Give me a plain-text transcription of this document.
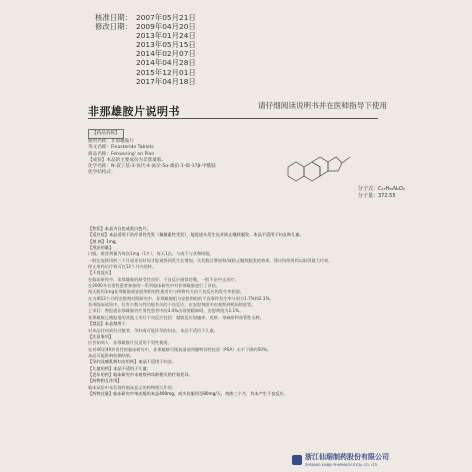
核准日期： 2007年05月21日
修改日期： 2009年04月20日
2013年01月24日
2013年05月15日
2014年02月07日
2014年04月28日
2015年12月01日
2017年04月18日
非那雄胺片说明书	请仔细阅读说明书并在医师指导下使用
【药品名称】
通用名称：非那雄胺片
英文名称：Finasteride Tablets
商品名称：Fehworing' an Pian
【成份】本品的主要成份为非那雄胺。
化学名称：N-叔丁基-3-氧代-4-氮杂-5α-雄甾-1-烯-17β-甲酰胺
化学结构式：
分子式：C₂₃H₃₆N₂O₂
分子量：372.55

【性状】本品为白色或类白色片。

【适应症】本品适用于治疗男性秃发（雄激素性秃发），能促进头发生长并防止继续脱发。本品不适用于妇女和儿童。

【规 格】1mg。

【用法用量】

口服。推荐剂量为每次1mg（1片），每天1次，与或不与食物同服。

一般在连续用药三个月或更长时间才能观察到发生长增加，头发数目增加和/或防止继续脱发的效果。建议持续用药以取得最大疗效，

停止用药后疗效可在12个月内逆转。

【不良反应】

在临床研究中，非那雄胺的耐受性良好，不良反应通常轻微，一般不必中止治疗。

在2000多名男性患者参加的一系列临床研究中对非那雄胺进行了评估。

每天服用1mg非那雄胺或安慰剂的男性患者中与药物有关的不良反应的发生率相似。

在为期12个月的安慰剂对照研究中，非那雄胺组与安慰剂组的不良事件发生率分别为1.7%和2.1%。

各项临床试验中，仅有少数与性功能有关的不良反应，在安慰剂组中也观察到相同的症状。

上市后：曾报道非那雄胺治疗男性患者中的3.4%出现射精障碍，安慰剂组为2.1%。

非那雄胺已被报道的其他上市后不良反应包括：超敏反应如瘙痒、皮疹、荨麻疹和血管性水肿。

【禁忌】本品禁用于：

对本品任何成份过敏者。孕妇或可能怀孕的妇女。本品不适用于儿童。

【注意事项】

应告知病人：非那雄胺片仅适用于男性使用。

在对40至49岁男性的临床研究中，非那雄胺可使血清前列腺特异性抗原（PSA）水平下降约50%。

本品可能影响检测结果。

【孕妇及哺乳期妇女用药】本品不适用于妇女。

【儿童用药】本品不适用于儿童。

【老年用药】临床研究中未观察到年龄相关的疗效差异。

【药物相互作用】

临床试验中未发现有临床意义的药物相互作用。

【药物过量】临床研究中单次服用本品400mg，或多次服用至80mg/天，持续三个月，均未产生不良反应。

浙江仙琚制药股份有限公司
ZHEJIANG XIANJU PHARMACEUTICAL CO., LTD.
